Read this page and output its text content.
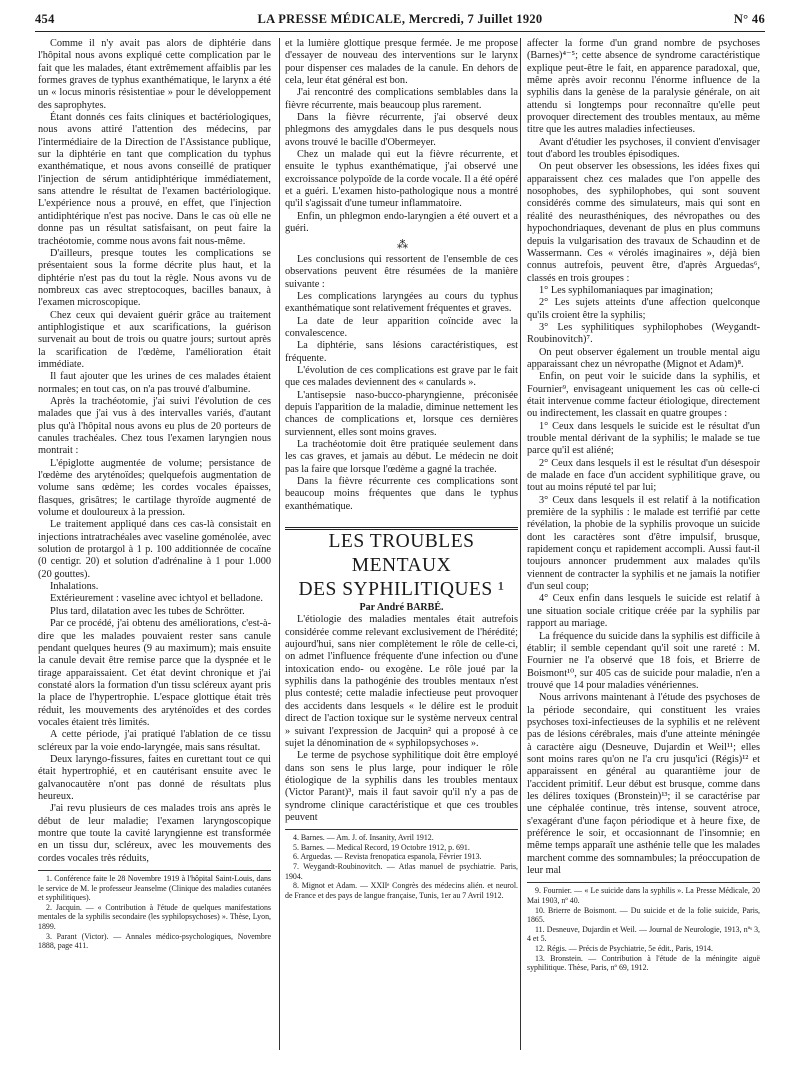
454	LA PRESSE MÉDICALE, Mercredi, 7 Juillet 1920	N° 46

Comme il n'y avait pas alors de diphtérie dans l'hôpital nous avons expliqué cette complication par le fait que les malades, étant extrêmement affaiblis par les formes graves de typhus exanthématique, le larynx a été un « locus minoris résistentiae » pour le développement des saprophytes.

Étant donnés ces faits cliniques et bactériologiques, nous avons attiré l'attention des médecins, par l'intermédiaire de la Direction de l'Assistance publique, sur la diphtérie en tant que complication du typhus exanthématique, et nous avons conseillé de pratiquer l'injection de sérum antidiphtérique immédiatement, sans attendre le résultat de l'examen bactériologique. L'expérience nous a prouvé, en effet, que l'injection antidiphtérique n'est pas nocive. Dans le cas où elle ne donne pas un résultat satisfaisant, on peut faire la trachéotomie, comme nous avons fait nous-même.

D'ailleurs, presque toutes les complications se présentaient sous la forme décrite plus haut, et la diphtérie n'est pas du tout la règle. Nous avons vu de nombreux cas avec streptocoques, bacilles banaux, à l'examen microscopique.

Chez ceux qui devaient guérir grâce au traitement antiphlogistique et aux scarifications, la guérison survenait au bout de trois ou quatre jours; surtout après la scarification de l'œdème, l'amélioration était immédiate.

Il faut ajouter que les urines de ces malades étaient normales; en tout cas, on n'a pas trouvé d'albumine.

Après la trachéotomie, j'ai suivi l'évolution de ces malades que j'ai vus à des intervalles variés, d'autant plus qu'à l'hôpital nous avons eu plus de 20 porteurs de canules trachéales. Chez tous l'examen laryngien nous montrait :

L'épiglotte augmentée de volume; persistance de l'œdème des aryténoïdes; quelquefois augmentation de volume sans œdème; les cordes vocales épaisses, flasques, grisâtres; le cartilage thyroïde augmenté de volume et douloureux à la pression.

Le traitement appliqué dans ces cas-là consistait en injections intratrachéales avec vaseline goménolée, avec solution de protargol à 1 p. 100 additionnée de cocaïne (0 centigr. 20) et solution d'adrénaline à 1 pour 1.000 (20 gouttes).

Inhalations.

Extérieurement : vaseline avec ichtyol et belladone.

Plus tard, dilatation avec les tubes de Schrötter.

Par ce procédé, j'ai obtenu des améliorations, c'est-à-dire que les malades pouvaient rester sans canule pendant quelques heures (9 au maximum); mais ensuite la canule devait être remise parce que la dyspnée et le tirage apparaissaient. Cet état devint chronique et j'ai constaté alors la formation d'un tissu scléreux ayant pris la place de l'hypertrophie. L'espace glottique était très réduit, les mouvements des aryténoïdes et des cordes vocales étaient très limités.

A cette période, j'ai pratiqué l'ablation de ce tissu scléreux par la voie endo-laryngée, mais sans résultat.

Deux laryngo-fissures, faites en curettant tout ce qui était hypertrophié, et en cautérisant ensuite avec le galvanocautère n'ont pas donné de résultats plus heureux.

J'ai revu plusieurs de ces malades trois ans après le début de leur maladie; l'examen laryngoscopique montre que toute la cavité laryngienne est transformée en un tissu dur, scléreux, avec les mouvements des cordes vocales très réduits,

1. Conférence faite le 28 Novembre 1919 à l'hôpital Saint-Louis, dans le service de M. le professeur Jeanselme (Clinique des maladies cutanées et syphilitiques).

2. Jacquin. — « Contribution à l'étude de quelques manifestations mentales de la syphilis secondaire (les syphilopsychoses) ». Thèse, Lyon, 1899.

3. Parant (Victor). — Annales médico-psychologiques, Novembre 1888, page 411.

et la lumière glottique presque fermée. Je me propose d'essayer de nouveau des interventions sur le larynx pour dispenser ces malades de la canule. En dehors de cela, leur état général est bon.

J'ai rencontré des complications semblables dans la fièvre récurrente, mais beaucoup plus rarement.

Dans la fièvre récurrente, j'ai observé deux phlegmons des amygdales dans le pus desquels nous avons trouvé le bacille d'Obermeyer.

Chez un malade qui eut la fièvre récurrente, et ensuite le typhus exanthématique, j'ai observé une excroissance polypoïde de la corde vocale. Il a été opéré et a guéri. L'examen histo-pathologique nous a montré qu'il s'agissait d'une tumeur inflammatoire.

Enfin, un phlegmon endo-laryngien a été ouvert et a guéri.

⁂

Les conclusions qui ressortent de l'ensemble de ces observations peuvent être résumées de la manière suivante :

Les complications laryngées au cours du typhus exanthématique sont relativement fréquentes et graves.

La date de leur apparition coïncide avec la convalescence.

La diphtérie, sans lésions caractéristiques, est fréquente.

L'évolution de ces complications est grave par le fait que ces malades deviennent des « canulards ».

L'antisepsie naso-bucco-pharyngienne, préconisée depuis l'apparition de la maladie, diminue nettement les chances de complications et, lorsque ces dernières surviennent, elles sont moins graves.

La trachéotomie doit être pratiquée seulement dans les cas graves, et jamais au début. Le médecin ne doit pas la faire que lorsque l'œdème a gagné la trachée.

Dans la fièvre récurrente ces complications sont beaucoup moins fréquentes que dans le typhus exanthématique.

LES TROUBLES MENTAUX
DES SYPHILITIQUES ¹

Par André BARBÉ.

L'étiologie des maladies mentales était autrefois considérée comme relevant exclusivement de l'hérédité; aujourd'hui, sans nier complètement le rôle de celle-ci, on admet l'influence fréquente d'une infection ou d'une intoxication endo- ou exogène. Le rôle joué par la syphilis dans la pathogénie des troubles mentaux n'est plus contesté; cette maladie infectieuse peut provoquer des accidents dans lesquels « le délire est le produit direct de l'action toxique sur le système nerveux central » suivant l'expression de Jacquin² qui a proposé à ce sujet la dénomination de « syphilopsychoses ».

Le terme de psychose syphilitique doit être employé dans son sens le plus large, pour indiquer le rôle étiologique de la syphilis dans les troubles mentaux (Victor Parant)³, mais il faut savoir qu'il n'y a pas de syndrome clinique caractéristique et que ces troubles peuvent

4. Barnes. — Am. J. of. Insanity, Avril 1912.

5. Barnes. — Medical Record, 19 Octobre 1912, p. 691.

6. Arguedas. — Revista frenopatica espanola, Février 1913.

7. Weygandt-Roubinovitch. — Atlas manuel de psychiatrie. Paris, 1904.

8. Mignot et Adam. — XXIIᵉ Congrès des médecins alién. et neurol. de France et des pays de langue française, Tunis, 1er au 7 Avril 1912.

affecter la forme d'un grand nombre de psychoses (Barnes)⁴⁻⁵; cette absence de syndrome caractéristique explique peut-être le fait, en apparence paradoxal, que, même après avoir reconnu l'énorme influence de la syphilis dans la genèse de la paralysie générale, on ait attendu si longtemps pour reconnaître qu'elle peut provoquer directement des troubles mentaux, au même titre que les autres maladies infectieuses.

Avant d'étudier les psychoses, il convient d'envisager tout d'abord les troubles épisodiques.

On peut observer les obsessions, les idées fixes qui apparaissent chez ces malades que l'on appelle des nosophobes, des syphilophobes, qui sont souvent considérés comme des simulateurs, mais qui sont en réalité des neurasthéniques, des névropathes ou des hypochondriaques, devenant de plus en plus communs depuis la vulgarisation des travaux de Schaudinn et de Wassermann. Ces « vérolés imaginaires », déjà bien connus autrefois, peuvent être, d'après Arguedas⁶, classés en trois groupes :

1° Les syphilomaniaques par imagination;

2° Les sujets atteints d'une affection quelconque qu'ils croient être la syphilis;

3° Les syphilitiques syphilophobes (Weygandt-Roubinovitch)⁷.

On peut observer également un trouble mental aigu apparaissant chez un névropathe (Mignot et Adam)⁸.

Enfin, on peut voir le suicide dans la syphilis, et Fournier⁹, envisageant uniquement les cas où celle-ci était intervenue comme facteur étiologique, directement ou indirectement, les classait en quatre groupes :

1° Ceux dans lesquels le suicide est le résultat d'un trouble mental dérivant de la syphilis; le malade se tue parce qu'il est aliéné;

2° Ceux dans lesquels il est le résultat d'un désespoir de malade en face d'un accident syphilitique grave, ou tout au moins réputé tel par lui;

3° Ceux dans lesquels il est relatif à la notification première de la syphilis : le malade est terrifié par cette révélation, la phobie de la syphilis provoque un suicide dont les caractères sont d'être impulsif, brusque, rapidement conçu et rapidement accompli. Aussi faut-il toujours annoncer prudemment aux malades qu'ils viennent de contracter la syphilis et ne jamais la notifier d'un seul coup;

4° Ceux enfin dans lesquels le suicide est relatif à une situation sociale critique créée par la syphilis par rapport au mariage.

La fréquence du suicide dans la syphilis est difficile à établir; il semble cependant qu'il soit une rareté : M. Fournier ne l'a observé que 18 fois, et Brierre de Boismont¹⁰, sur 405 cas de suicide pour maladie, n'en a trouvé que 14 pour maladies vénériennes.

Nous arrivons maintenant à l'étude des psychoses de la période secondaire, qui constituent les vraies psychoses toxi-infectieuses de la syphilis et ne relèvent pas de lésions cérébrales, mais d'une atteinte méningée à caractère aigu (Desneuve, Dujardin et Weil¹¹; elles sont moins rares qu'on ne l'a cru jusqu'ici (Régis)¹² et apparaissent en général au quarantième jour de l'accident primitif. Leur début est brusque, comme dans les délires toxiques (Bronstein)¹³; il se caractérise par une céphalée continue, très intense, souvent atroce, s'exagérant d'une façon périodique et à heure fixe, de préférence le soir, et occasionnant de l'insomnie; en même temps apparaît une asthénie telle que les malades marchent comme des somnambules; la préoccupation de leur mal

9. Fournier. — « Le suicide dans la syphilis ». La Presse Médicale, 20 Mai 1903, nº 40.

10. Brierre de Boismont. — Du suicide et de la folie suicide, Paris, 1865.

11. Desneuve, Dujardin et Weil. — Journal de Neurologie, 1913, nºˢ 3, 4 et 5.

12. Régis. — Précis de Psychiatrie, 5e édit., Paris, 1914.

13. Bronstein. — Contribution à l'étude de la méningite aiguë syphilitique. Thèse, Paris, nº 69, 1912.
